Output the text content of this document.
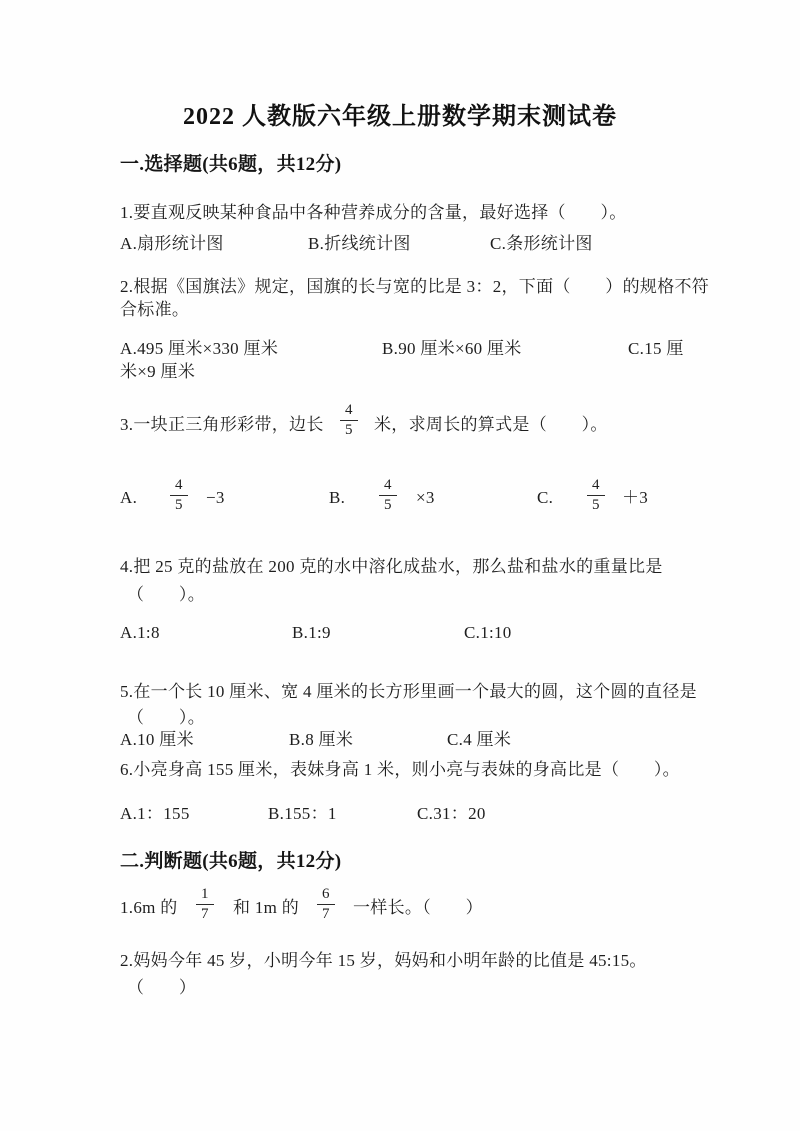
2022 人教版六年级上册数学期末测试卷
一.选择题(共6题，共12分)
1.要直观反映某种食品中各种营养成分的含量，最好选择（　　）。
A.扇形统计图	B.折线统计图	C.条形统计图
2.根据《国旗法》规定，国旗的长与宽的比是 3：2，下面（　　）的规格不符
合标准。
A.495 厘米×330 厘米	B.90 厘米×60 厘米	C.15 厘
米×9 厘米
3.一块正三角形彩带，边长 $\frac{4}{5}$ 米，求周长的算式是（　　）。
A. $\frac{4}{5} -3$	B. $\frac{4}{5} \times 3$	C. $\frac{4}{5} +3$
4.把 25 克的盐放在 200 克的水中溶化成盐水，那么盐和盐水的重量比是
（　　）。
A.1:8	B.1:9	C.1:10
5.在一个长 10 厘米、宽 4 厘米的长方形里画一个最大的圆，这个圆的直径是
（　　）。
A.10 厘米	B.8 厘米	C.4 厘米
6.小亮身高 155 厘米，表妹身高 1 米，则小亮与表妹的身高比是（　　）。
A.1：155	B.155：1	C.31：20
二.判断题(共6题，共12分)
1.6m 的 $\frac{1}{7}$ 和 1m 的 $\frac{6}{7}$ 一样长。（　　）
2.妈妈今年 45 岁，小明今年 15 岁，妈妈和小明年龄的比值是 45:15。
（　　）
